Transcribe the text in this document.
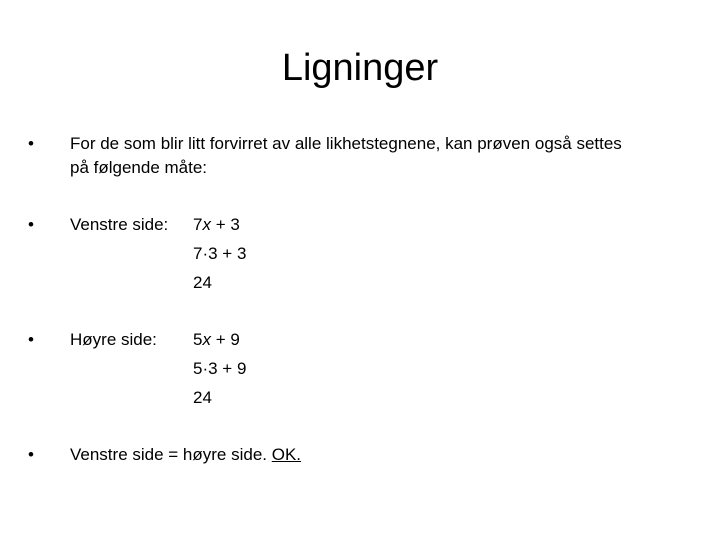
Ligninger
• For de som blir litt forvirret av alle likhetstegnene, kan prøven også settes
på følgende måte:
• Venstre side: 7x + 3
7·3 + 3
24
• Høyre side: 5x + 9
5·3 + 9
24
• Venstre side = høyre side. OK.
